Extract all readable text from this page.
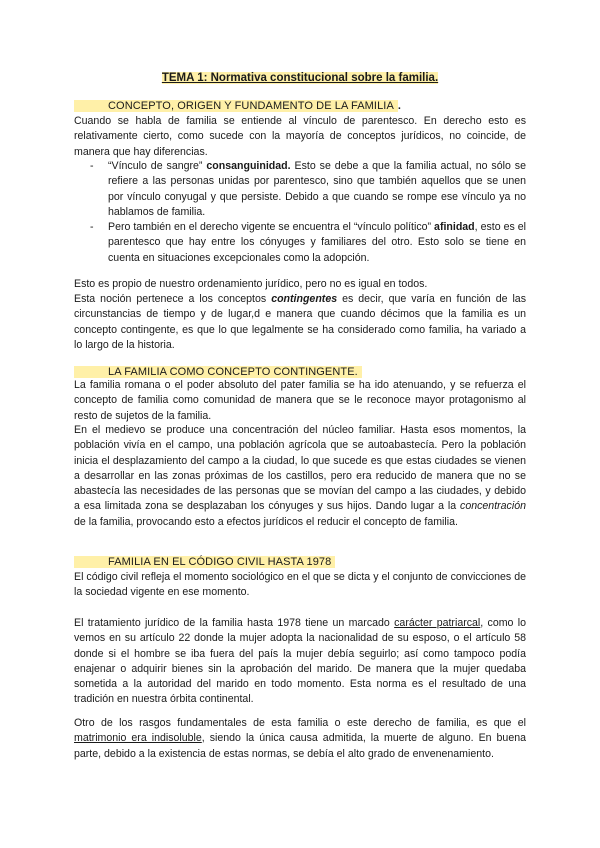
TEMA 1: Normativa constitucional sobre la familia.
CONCEPTO, ORIGEN Y FUNDAMENTO DE LA FAMILIA .

Cuando se habla de familia se entiende al vínculo de parentesco. En derecho esto es relativamente cierto, como sucede con la mayoría de conceptos jurídicos, no coincide, de manera que hay diferencias.

- “Vínculo de sangre” consanguinidad. Esto se debe a que la familia actual, no sólo se refiere a las personas unidas por parentesco, sino que también aquellos que se unen por vínculo conyugal y que persiste. Debido a que cuando se rompe ese vínculo ya no hablamos de familia.

- Pero también en el derecho vigente se encuentra el “vínculo político” afinidad, esto es el parentesco que hay entre los cónyuges y familiares del otro. Esto solo se tiene en cuenta en situaciones excepcionales como la adopción.

Esto es propio de nuestro ordenamiento jurídico, pero no es igual en todos.

Esta noción pertenece a los conceptos contingentes es decir, que varía en función de las circunstancias de tiempo y de lugar,d e manera que cuando décimos que la familia es un concepto contingente, es que lo que legalmente se ha considerado como familia, ha variado a lo largo de la historia.

LA FAMILIA COMO CONCEPTO CONTINGENTE.

La familia romana o el poder absoluto del pater familia se ha ido atenuando, y se refuerza el concepto de familia como comunidad de manera que se le reconoce mayor protagonismo al resto de sujetos de la familia.

En el medievo se produce una concentración del núcleo familiar. Hasta esos momentos, la población vivía en el campo, una población agrícola que se autoabastecía. Pero la población inicia el desplazamiento del campo a la ciudad, lo que sucede es que estas ciudades se vienen a desarrollar en las zonas próximas de los castillos, pero era reducido de manera que no se abastecía las necesidades de las personas que se movían del campo a las ciudades, y debido a esa limitada zona se desplazaban los cónyuges y sus hijos. Dando lugar a la concentración de la familia, provocando esto a efectos jurídicos el reducir el concepto de familia.

FAMILIA EN EL CÓDIGO CIVIL HASTA 1978

El código civil refleja el momento sociológico en el que se dicta y el conjunto de convicciones de la sociedad vigente en ese momento.

El tratamiento jurídico de la familia hasta 1978 tiene un marcado carácter patriarcal, como lo vemos en su artículo 22 donde la mujer adopta la nacionalidad de su esposo, o el artículo 58 donde si el hombre se iba fuera del país la mujer debía seguirlo; así como tampoco podía enajenar o adquirir bienes sin la aprobación del marido. De manera que la mujer quedaba sometida a la autoridad del marido en todo momento. Esta norma es el resultado de una tradición en nuestra órbita continental.

Otro de los rasgos fundamentales de esta familia o este derecho de familia, es que el matrimonio era indisoluble, siendo la única causa admitida, la muerte de alguno. En buena parte, debido a la existencia de estas normas, se debía el alto grado de envenenamiento.
